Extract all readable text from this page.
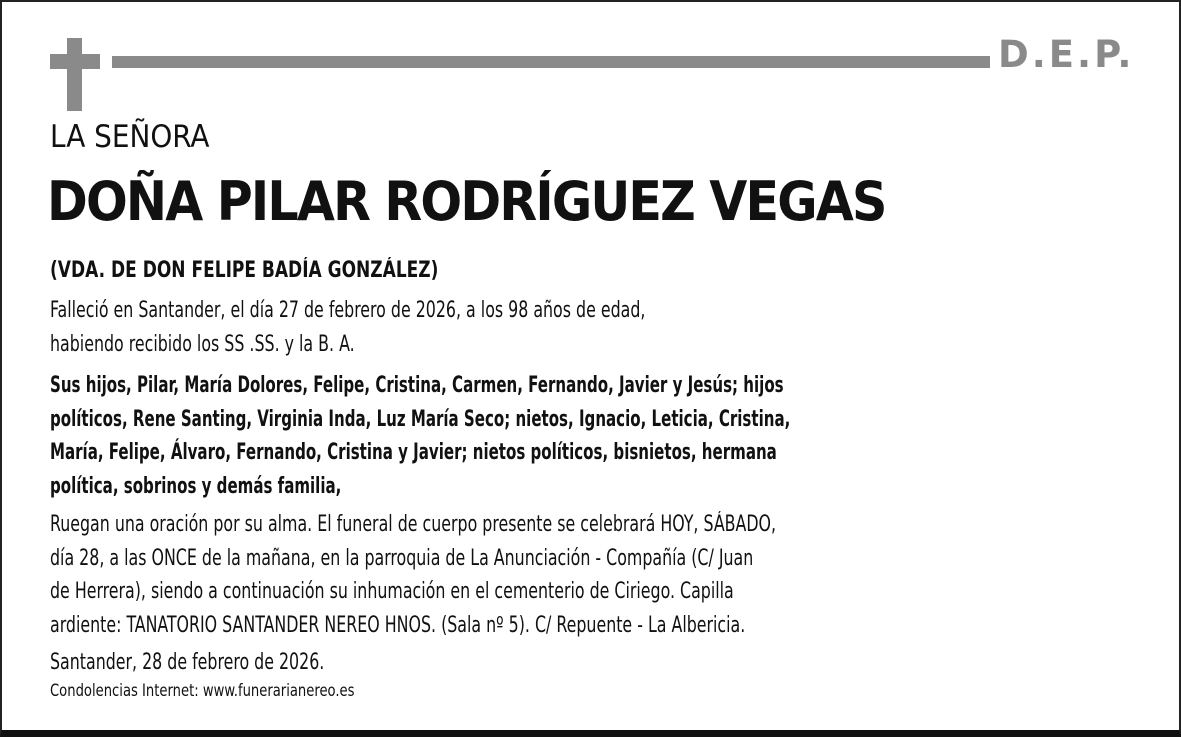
D.E.P.
LA SEÑORA
DOÑA PILAR RODRÍGUEZ VEGAS
(VDA. DE DON FELIPE BADÍA GONZÁLEZ)
Falleció en Santander, el día 27 de febrero de 2026, a los 98 años de edad,
habiendo recibido los SS .SS. y la B. A.
Sus hijos, Pilar, María Dolores, Felipe, Cristina, Carmen, Fernando, Javier y Jesús; hijos
políticos, Rene Santing, Virginia Inda, Luz María Seco; nietos, Ignacio, Leticia, Cristina,
María, Felipe, Álvaro, Fernando, Cristina y Javier; nietos políticos, bisnietos, hermana
política, sobrinos y demás familia,
Ruegan una oración por su alma. El funeral de cuerpo presente se celebrará HOY, SÁBADO,
día 28, a las ONCE de la mañana, en la parroquia de La Anunciación - Compañía (C/ Juan
de Herrera), siendo a continuación su inhumación en el cementerio de Ciriego. Capilla
ardiente: TANATORIO SANTANDER NEREO HNOS. (Sala nº 5). C/ Repuente - La Albericia.
Santander, 28 de febrero de 2026.
Condolencias Internet: www.funerarianereo.es
